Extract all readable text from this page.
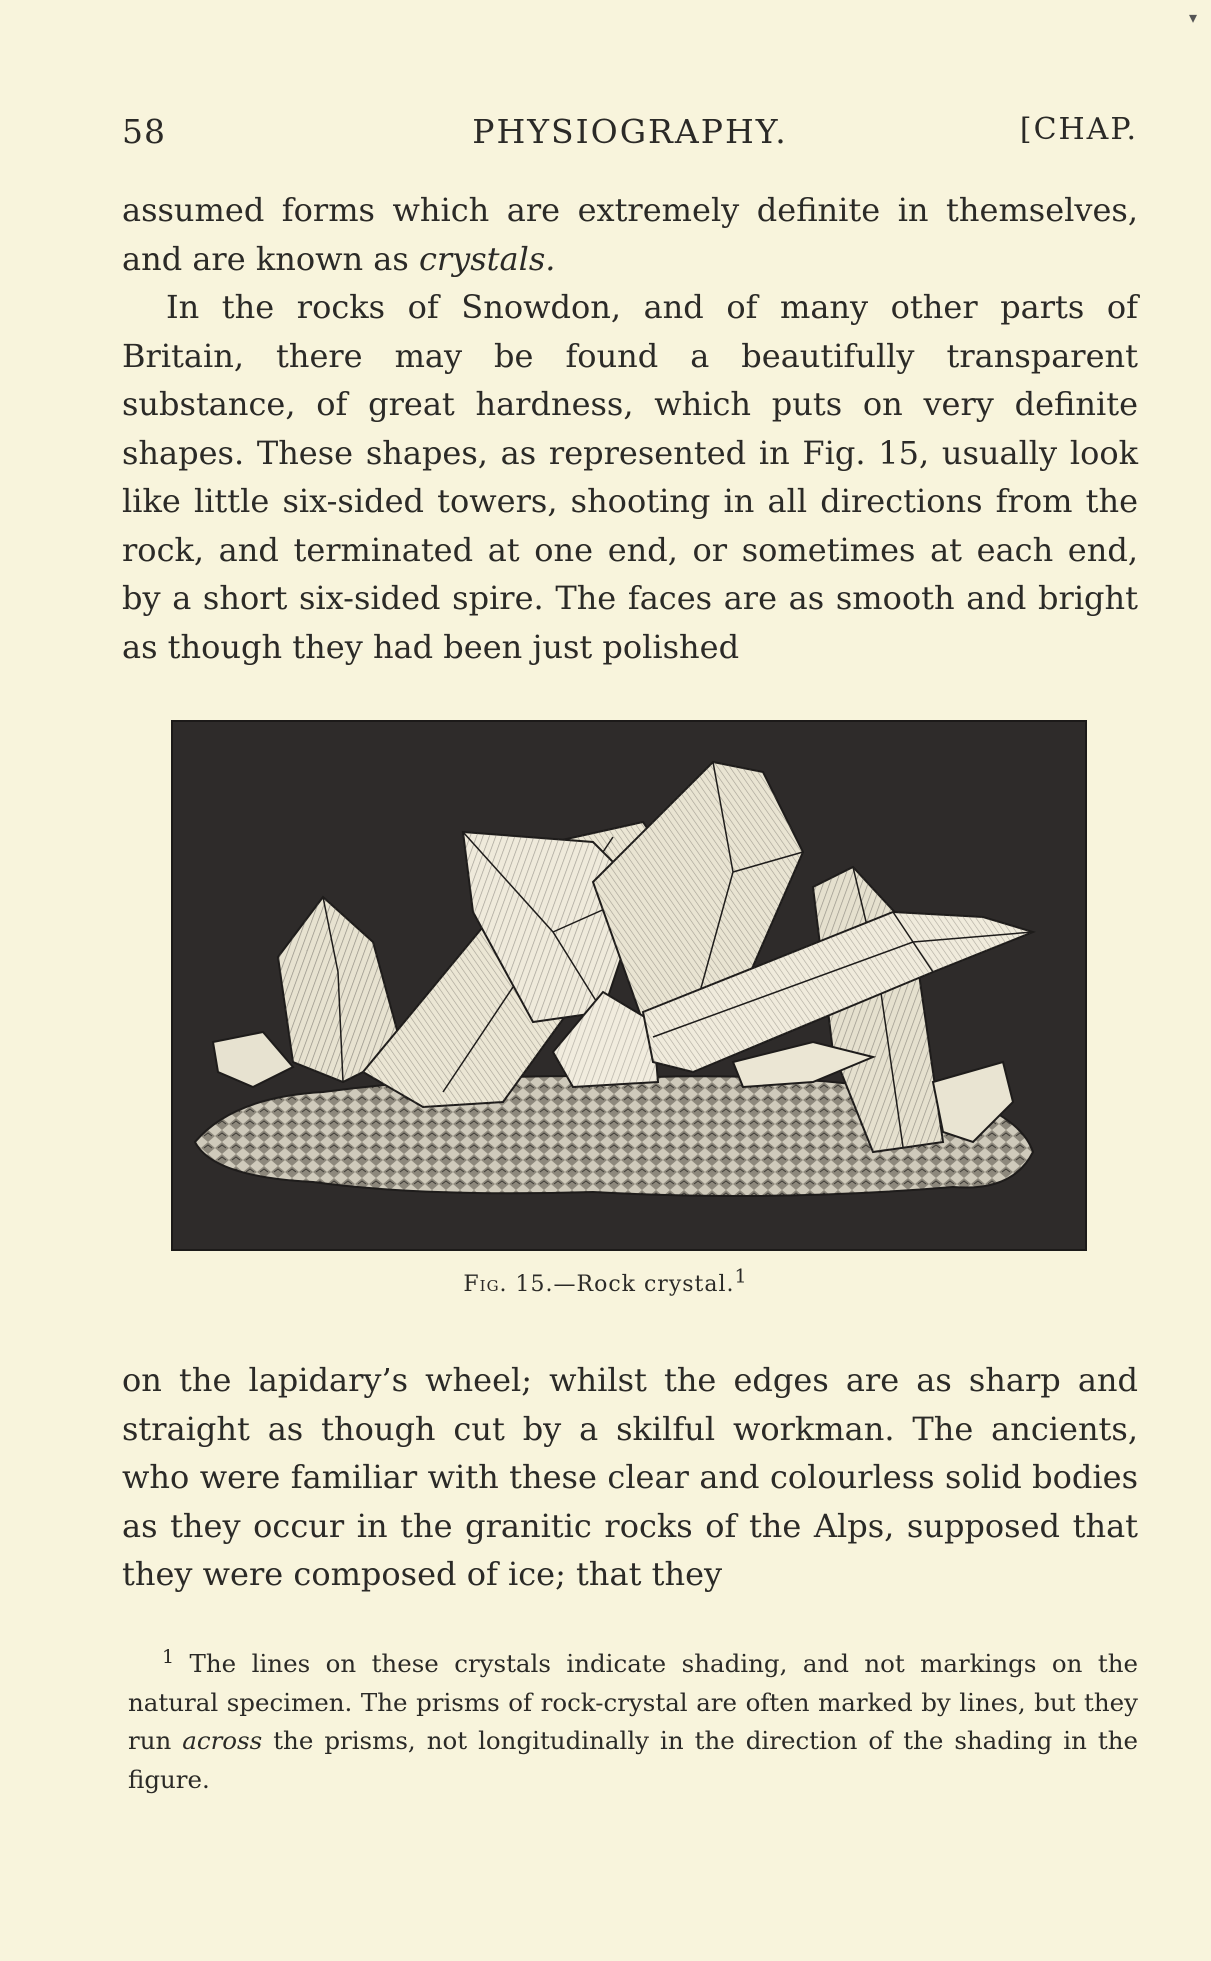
▾
58	PHYSIOGRAPHY.	[CHAP.

assumed forms which are extremely definite in themselves, and are known as crystals.

In the rocks of Snowdon, and of many other parts of Britain, there may be found a beautifully transparent substance, of great hardness, which puts on very definite shapes. These shapes, as represented in Fig. 15, usually look like little six-sided towers, shooting in all directions from the rock, and terminated at one end, or sometimes at each end, by a short six-sided spire. The faces are as smooth and bright as though they had been just polished

Fig. 15.—Rock crystal.1

on the lapidary’s wheel; whilst the edges are as sharp and straight as though cut by a skilful workman. The ancients, who were familiar with these clear and colourless solid bodies as they occur in the granitic rocks of the Alps, supposed that they were composed of ice; that they

$^1$ The lines on these crystals indicate shading, and not markings on the natural specimen. The prisms of rock-crystal are often marked by lines, but they run across the prisms, not longitudinally in the direction of the shading in the figure.
